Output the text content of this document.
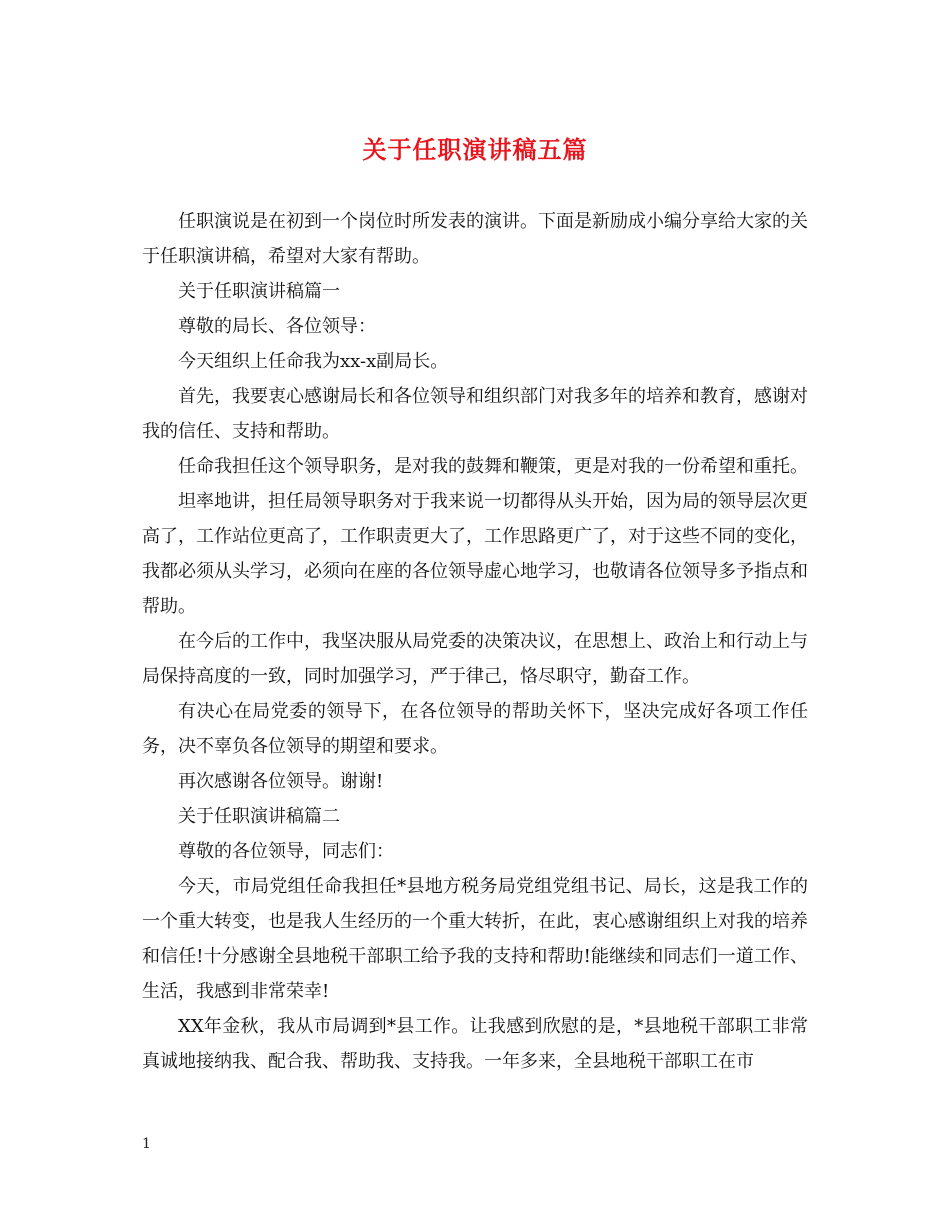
关于任职演讲稿五篇

任职演说是在初到一个岗位时所发表的演讲。下面是新励成小编分享给大家的关于任职演讲稿，希望对大家有帮助。

关于任职演讲稿篇一

尊敬的局长、各位领导：

今天组织上任命我为xx-x副局长。

首先，我要衷心感谢局长和各位领导和组织部门对我多年的培养和教育，感谢对我的信任、支持和帮助。

任命我担任这个领导职务，是对我的鼓舞和鞭策，更是对我的一份希望和重托。

坦率地讲，担任局领导职务对于我来说一切都得从头开始，因为局的领导层次更高了，工作站位更高了，工作职责更大了，工作思路更广了，对于这些不同的变化，我都必须从头学习，必须向在座的各位领导虚心地学习，也敬请各位领导多予指点和帮助。

在今后的工作中，我坚决服从局党委的决策决议，在思想上、政治上和行动上与局保持高度的一致，同时加强学习，严于律己，恪尽职守，勤奋工作。

有决心在局党委的领导下，在各位领导的帮助关怀下，坚决完成好各项工作任务，决不辜负各位领导的期望和要求。

再次感谢各位领导。谢谢!

关于任职演讲稿篇二

尊敬的各位领导，同志们：

今天，市局党组任命我担任*县地方税务局党组党组书记、局长，这是我工作的一个重大转变，也是我人生经历的一个重大转折，在此，衷心感谢组织上对我的培养和信任!十分感谢全县地税干部职工给予我的支持和帮助!能继续和同志们一道工作、生活，我感到非常荣幸!

XX年金秋，我从市局调到*县工作。让我感到欣慰的是，*县地税干部职工非常真诚地接纳我、配合我、帮助我、支持我。一年多来，全县地税干部职工在市

1
